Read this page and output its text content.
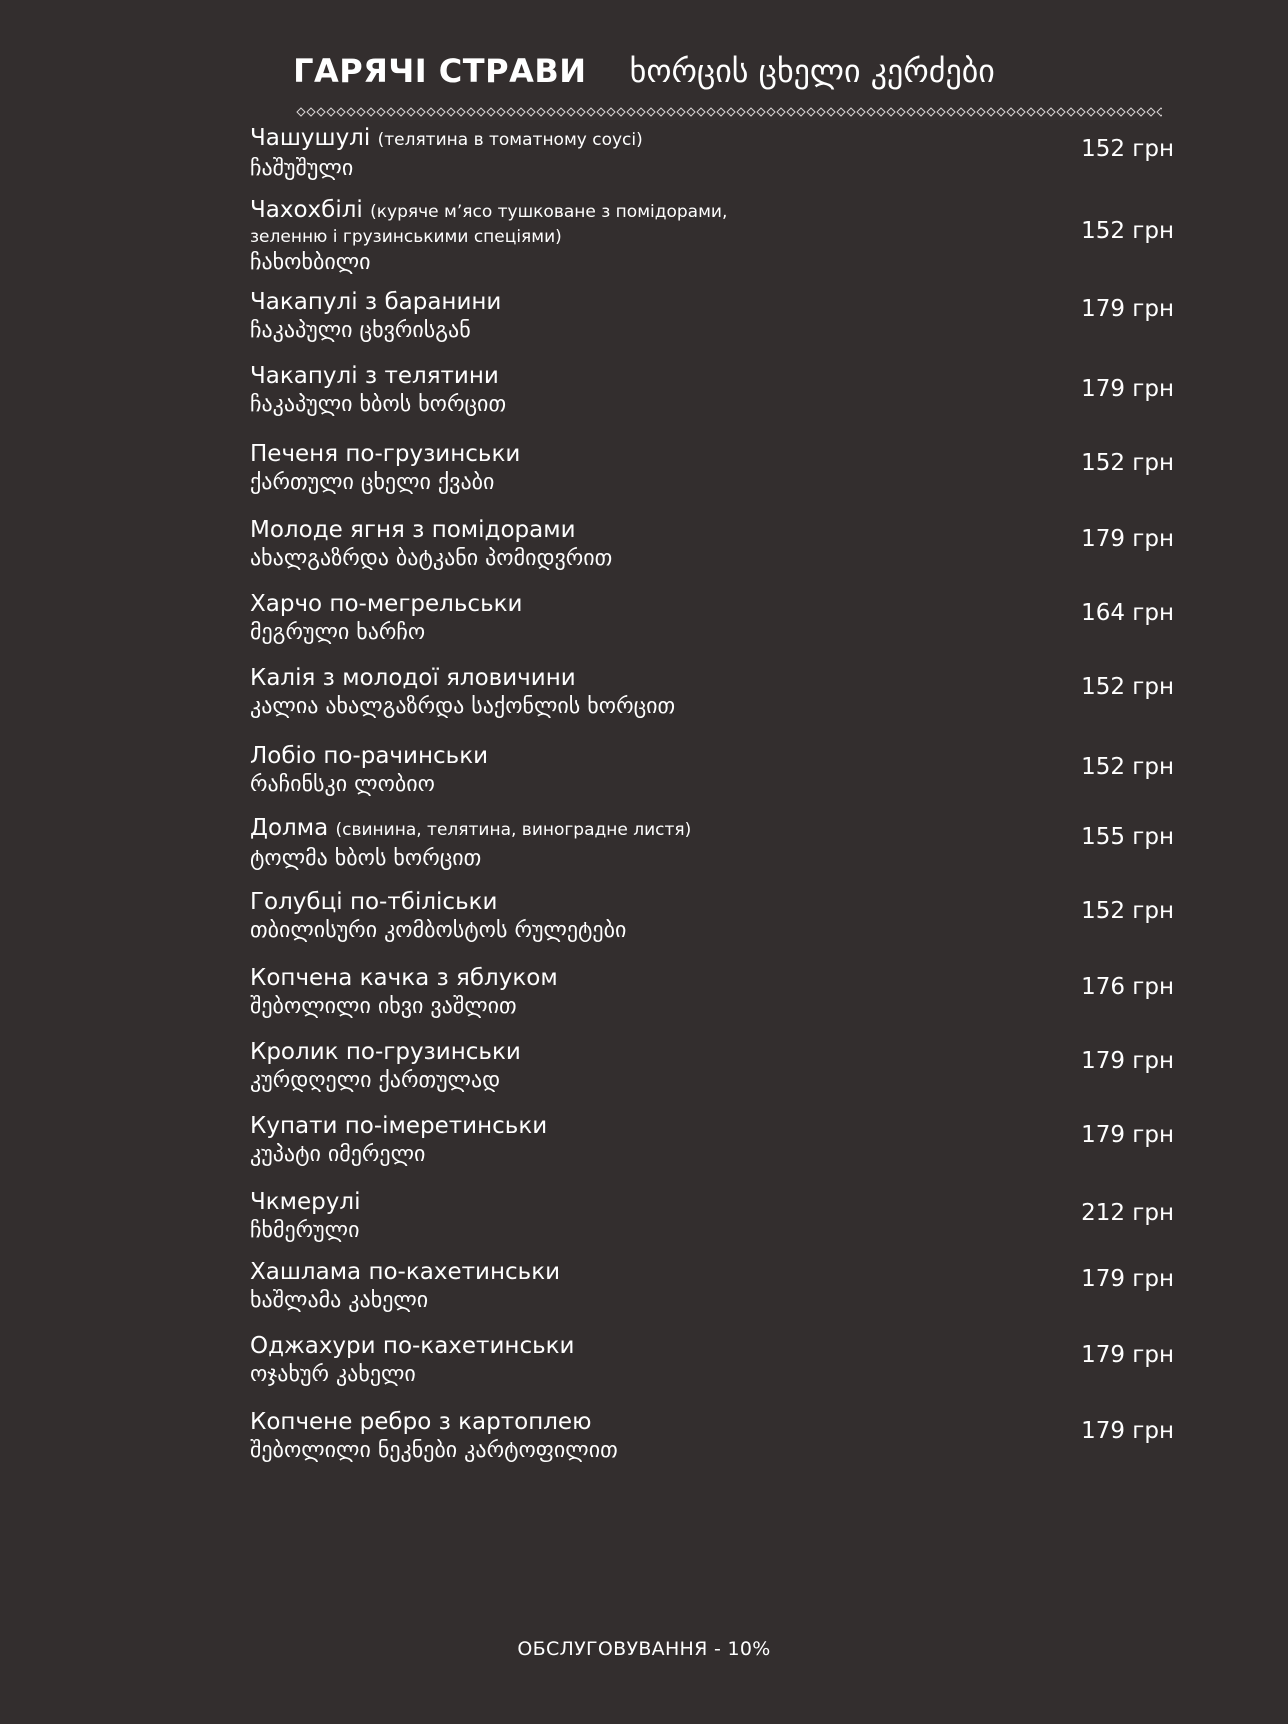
ГАРЯЧІ СТРАВИ ხორცის ცხელი კერძები
Чашушулі (телятина в томатному соусі)
ჩაშუშული
152 грн
Чахохбілі (куряче м’ясо тушковане з помідорами,
зеленню і грузинськими спеціями)
ჩახოხბილი
152 грн
Чакапулі з баранини
ჩაკაპული ცხვრისგან
179 грн
Чакапулі з телятини
ჩაკაპული ხბოს ხორცით
179 грн
Печеня по-грузинськи
ქართული ცხელი ქვაბი
152 грн
Молоде ягня з помідорами
ახალგაზრდა ბატკანი პომიდვრით
179 грн
Харчо по-мегрельськи
მეგრული ხარჩო
164 грн
Калія з молодої яловичини
კალია ახალგაზრდა საქონლის ხორცით
152 грн
Лобіо по-рачинськи
რაჩინსკი ლობიო
152 грн
Долма (свинина, телятина, виноградне листя)
ტოლმა ხბოს ხორცით
155 грн
Голубці по-тбіліськи
თბილისური კომბოსტოს რულეტები
152 грн
Копчена качка з яблуком
შებოლილი იხვი ვაშლით
176 грн
Кролик по-грузинськи
კურდღელი ქართულად
179 грн
Купати по-імеретинськи
კუპატი იმერელი
179 грн
Чкмерулі
ჩხმერული
212 грн
Хашлама по-кахетинськи
ხაშლამა კახელი
179 грн
Оджахури по-кахетинськи
ოჯახურ კახელი
179 грн
Копчене ребро з картоплею
შებოლილი ნეკნები კარტოფილით
179 грн
ОБСЛУГОВУВАННЯ - 10%
